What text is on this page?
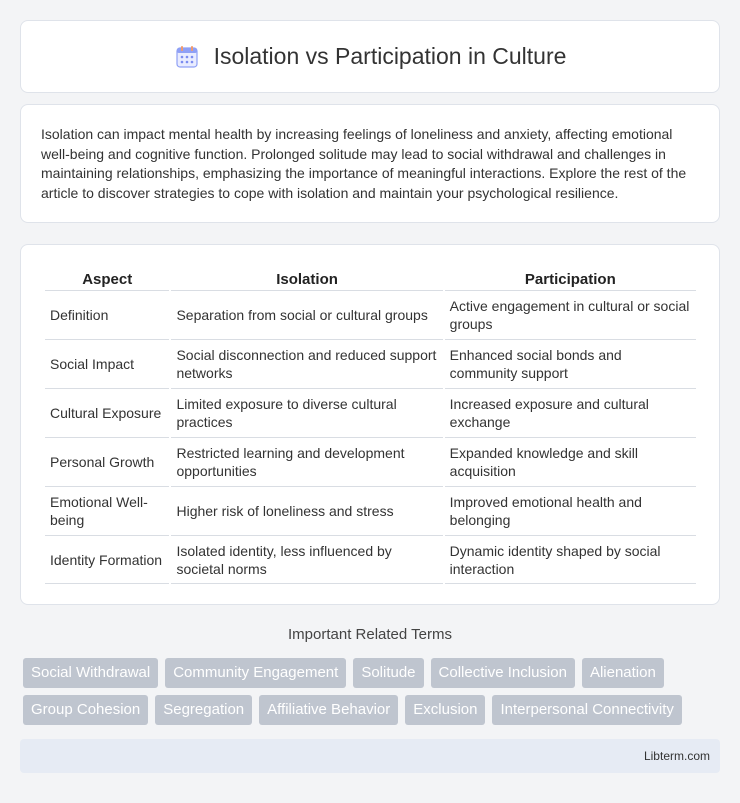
Isolation vs Participation in Culture

Isolation can impact mental health by increasing feelings of loneliness and anxiety, affecting emotional well-being and cognitive function. Prolonged solitude may lead to social withdrawal and challenges in maintaining relationships, emphasizing the importance of meaningful interactions. Explore the rest of the article to discover strategies to cope with isolation and maintain your psychological resilience.

Aspect	Isolation	Participation
Definition	Separation from social or cultural groups	Active engagement in cultural or social groups
Social Impact	Social disconnection and reduced support networks	Enhanced social bonds and community support
Cultural Exposure	Limited exposure to diverse cultural practices	Increased exposure and cultural exchange
Personal Growth	Restricted learning and development opportunities	Expanded knowledge and skill acquisition
Emotional Well-being	Higher risk of loneliness and stress	Improved emotional health and belonging
Identity Formation	Isolated identity, less influenced by societal norms	Dynamic identity shaped by social interaction
Important Related Terms
Social Withdrawal	Community Engagement	Solitude	Collective Inclusion	Alienation
Group Cohesion	Segregation	Affiliative Behavior	Exclusion	Interpersonal Connectivity
Libterm.com
